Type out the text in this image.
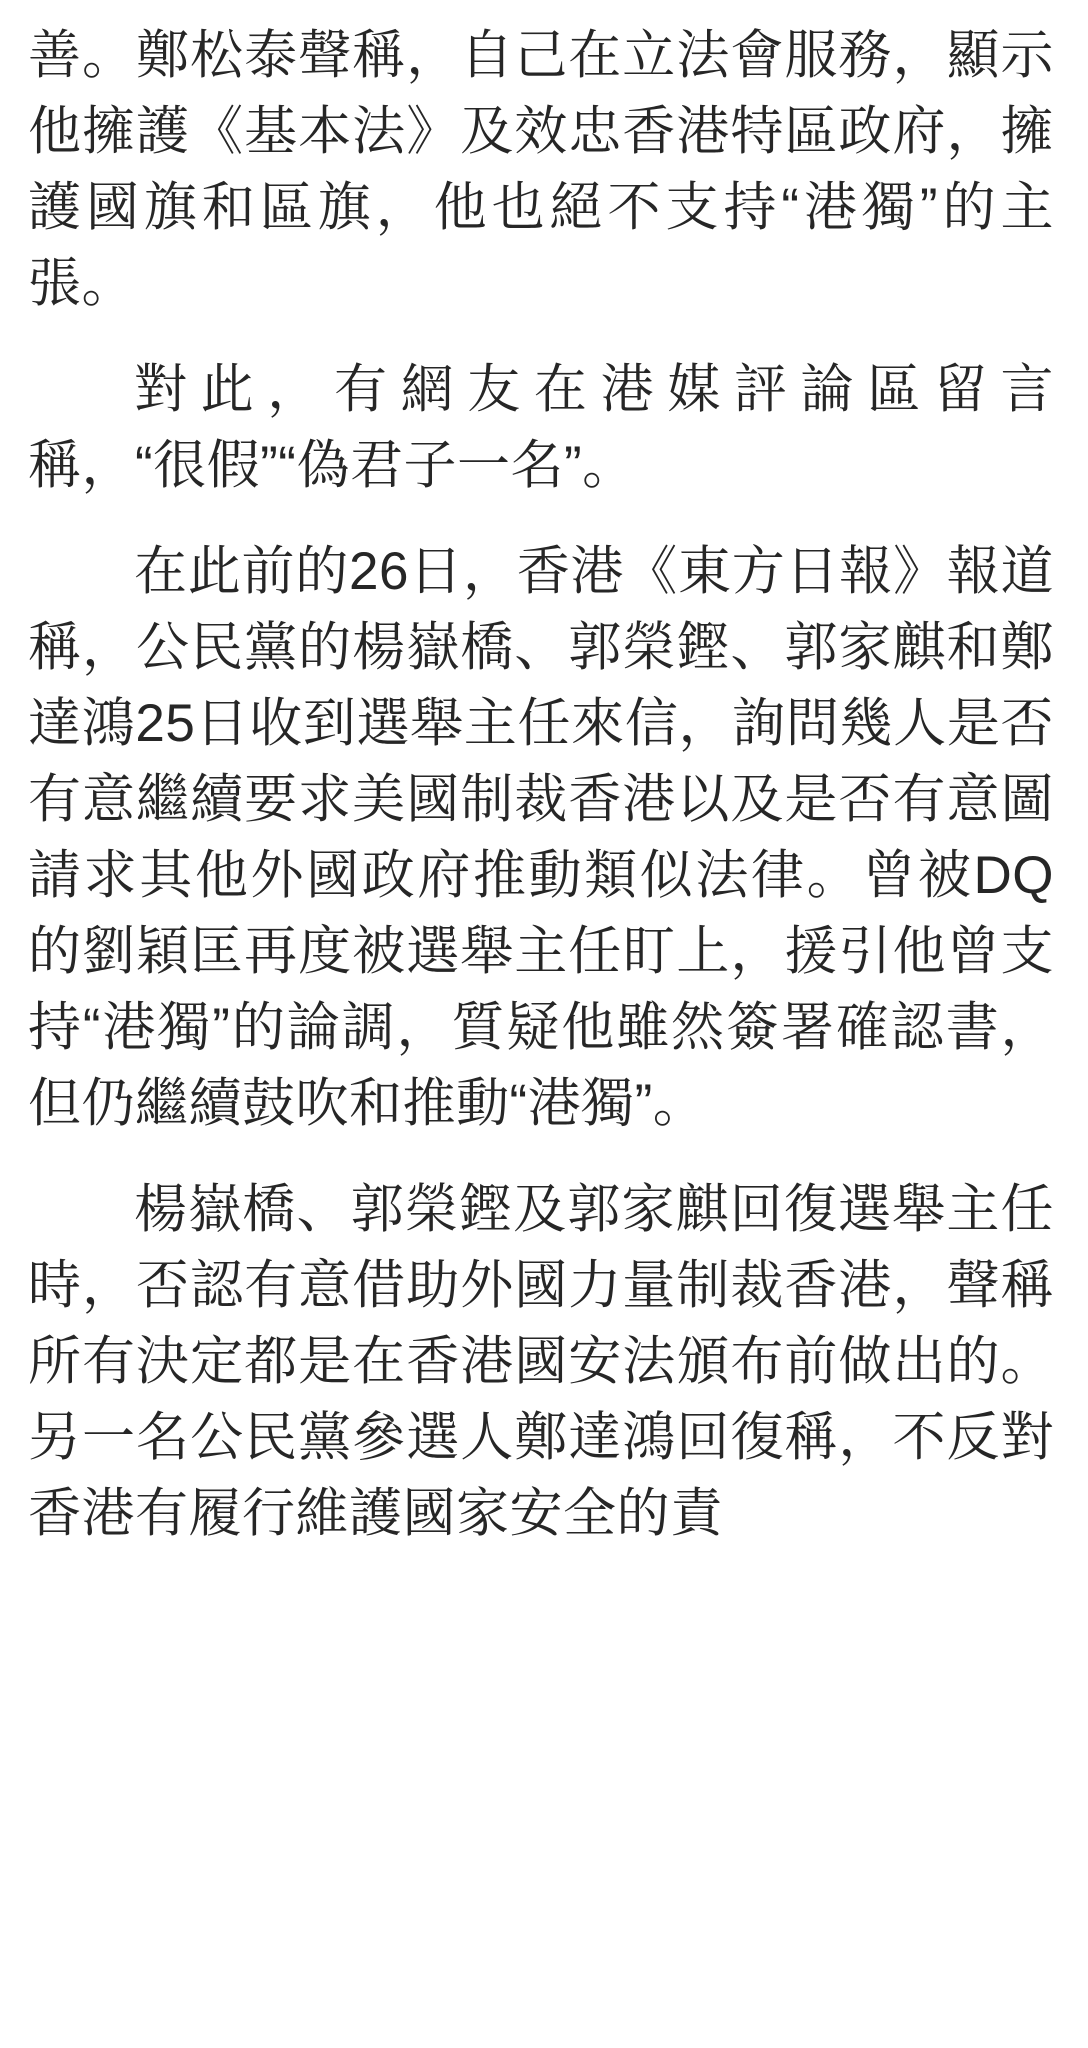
善。鄭松泰聲稱，自己在立法會服務，顯示他擁護《基本法》及效忠香港特區政府，擁護國旗和區旗，他也絕不支持“港獨”的主張。

對此，有網友在港媒評論區留言稱，“很假”“偽君子一名”。

在此前的26日，香港《東方日報》報道稱，公民黨的楊嶽橋、郭榮鏗、郭家麒和鄭達鴻25日收到選舉主任來信，詢問幾人是否有意繼續要求美國制裁香港以及是否有意圖請求其他外國政府推動類似法律。曾被DQ的劉穎匡再度被選舉主任盯上，援引他曾支持“港獨”的論調，質疑他雖然簽署確認書，但仍繼續鼓吹和推動“港獨”。

楊嶽橋、郭榮鏗及郭家麒回復選舉主任時，否認有意借助外國力量制裁香港，聲稱所有決定都是在香港國安法頒布前做出的。另一名公民黨參選人鄭達鴻回復稱，不反對香港有履行維護國家安全的責
